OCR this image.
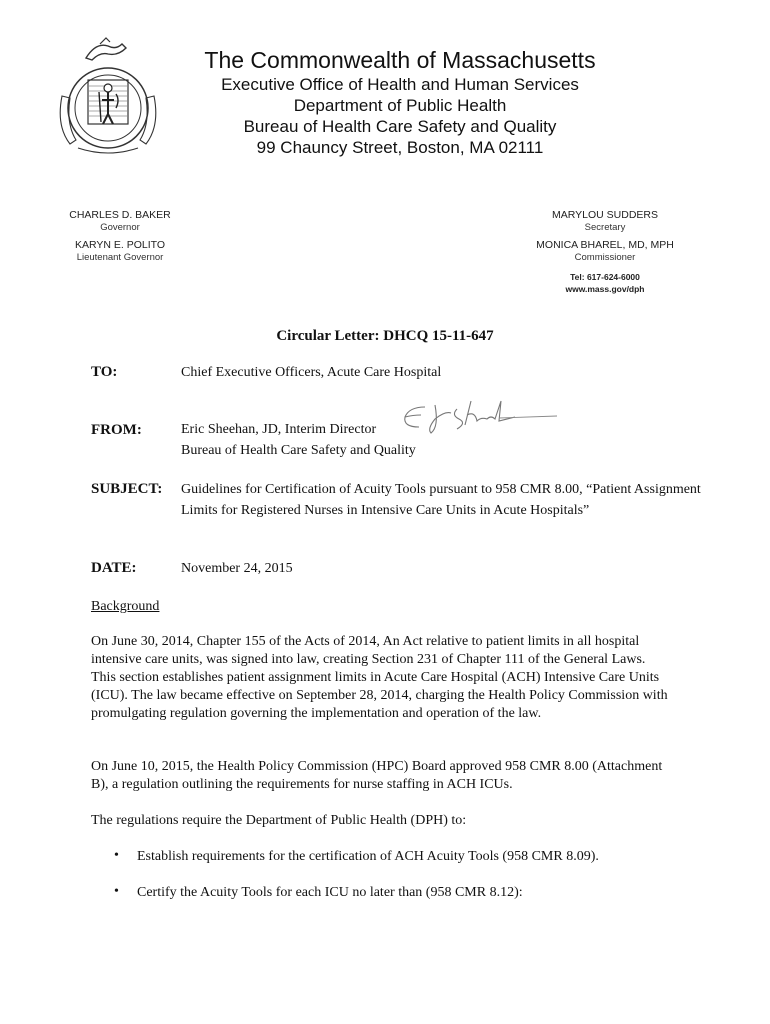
The Commonwealth of Massachusetts
Executive Office of Health and Human Services
Department of Public Health
Bureau of Health Care Safety and Quality
99 Chauncy Street, Boston, MA 02111
CHARLES D. BAKER
Governor
KARYN E. POLITO
Lieutenant Governor
MARYLOU SUDDERS
Secretary
MONICA BHAREL, MD, MPH
Commissioner
Tel: 617-624-6000
www.mass.gov/dph
Circular Letter: DHCQ 15-11-647
TO:	Chief Executive Officers, Acute Care Hospital
FROM:	Eric Sheehan, JD, Interim Director
Bureau of Health Care Safety and Quality
SUBJECT: Guidelines for Certification of Acuity Tools pursuant to 958 CMR 8.00, “Patient Assignment Limits for Registered Nurses in Intensive Care Units in Acute Hospitals”
DATE:	November 24, 2015
Background
On June 30, 2014, Chapter 155 of the Acts of 2014, An Act relative to patient limits in all hospital intensive care units, was signed into law, creating Section 231 of Chapter 111 of the General Laws. This section establishes patient assignment limits in Acute Care Hospital (ACH) Intensive Care Units (ICU). The law became effective on September 28, 2014, charging the Health Policy Commission with promulgating regulation governing the implementation and operation of the law.
On June 10, 2015, the Health Policy Commission (HPC) Board approved 958 CMR 8.00 (Attachment B), a regulation outlining the requirements for nurse staffing in ACH ICUs.
The regulations require the Department of Public Health (DPH) to:
• Establish requirements for the certification of ACH Acuity Tools (958 CMR 8.09).
• Certify the Acuity Tools for each ICU no later than (958 CMR 8.12):
